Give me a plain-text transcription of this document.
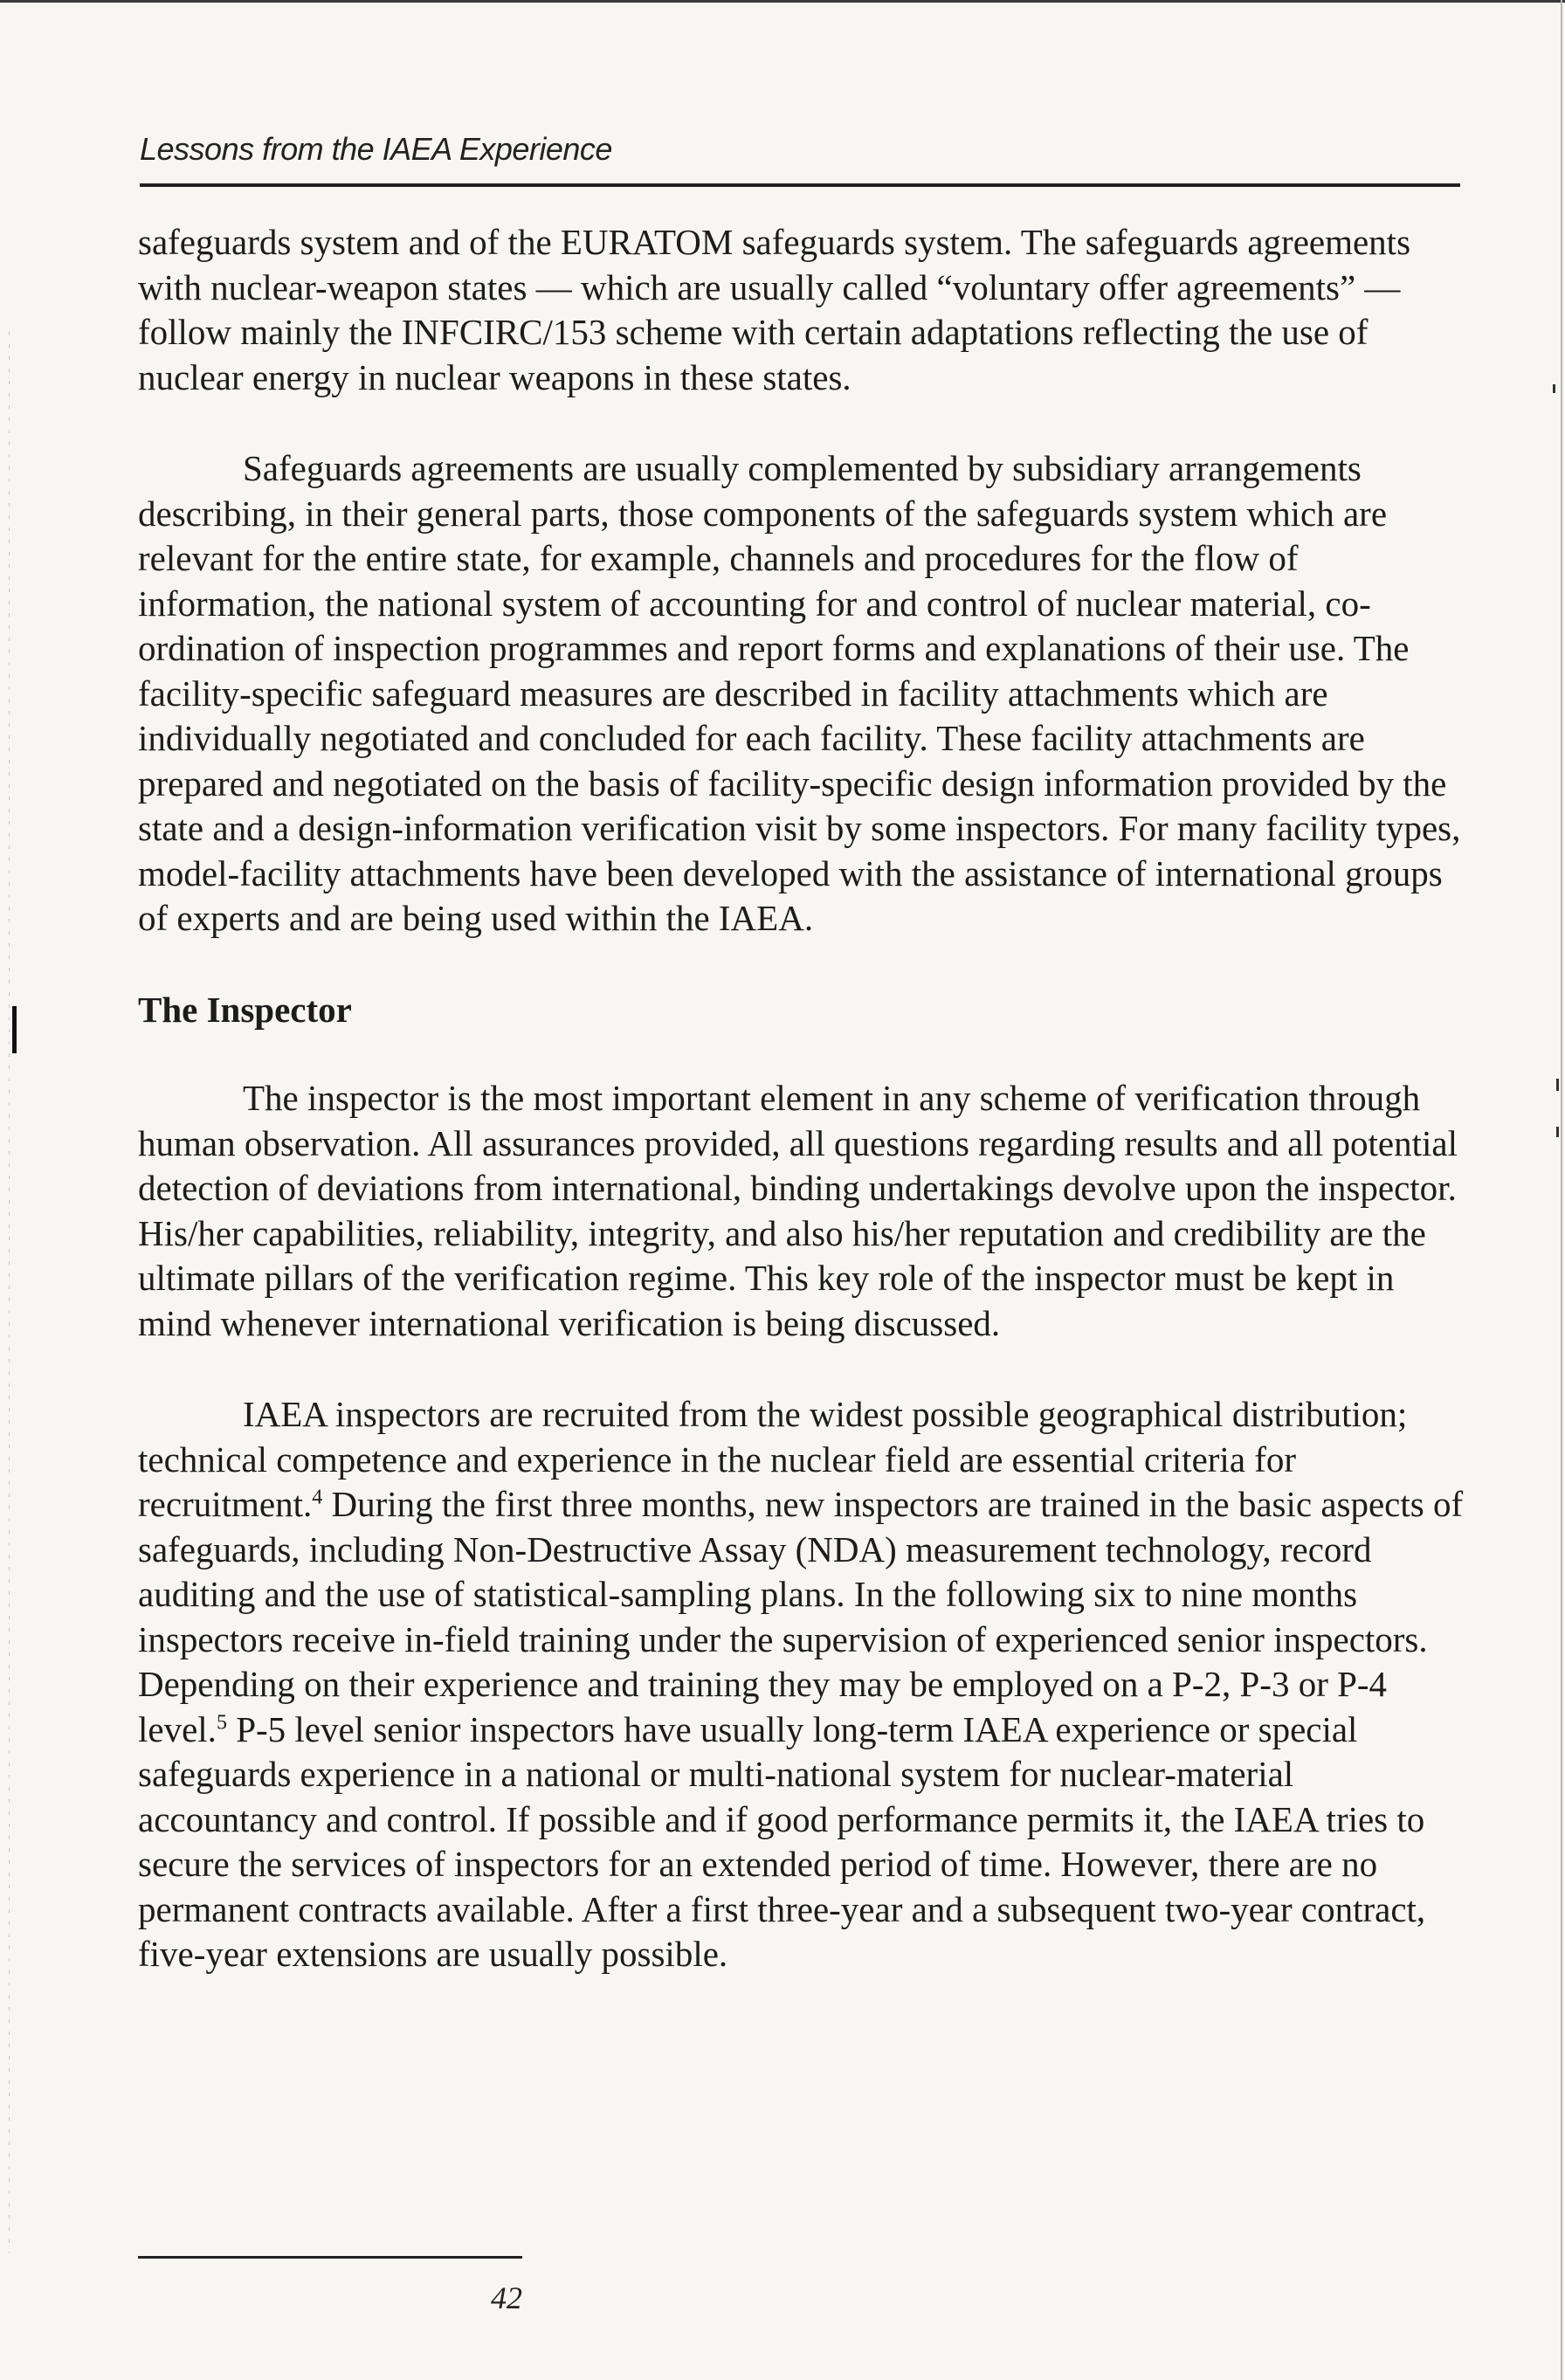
Lessons from the IAEA Experience

safeguards system and of the EURATOM safeguards system. The safeguards agreements with nuclear-weapon states — which are usually called “voluntary offer agreements” — follow mainly the INFCIRC/153 scheme with certain adaptations reflecting the use of nuclear energy in nuclear weapons in these states.

Safeguards agreements are usually complemented by subsidiary arrangements describing, in their general parts, those components of the safeguards system which are relevant for the entire state, for example, channels and procedures for the flow of information, the national system of accounting for and control of nuclear material, co-ordination of inspection programmes and report forms and explanations of their use. The facility-specific safeguard measures are described in facility attachments which are individually negotiated and concluded for each facility. These facility attachments are prepared and negotiated on the basis of facility-specific design information provided by the state and a design-information verification visit by some inspectors. For many facility types, model-facility attachments have been developed with the assistance of international groups of experts and are being used within the IAEA.

The Inspector

The inspector is the most important element in any scheme of verification through human observation. All assurances provided, all questions regarding results and all potential detection of deviations from international, binding undertakings devolve upon the inspector. His/her capabilities, reliability, integrity, and also his/her reputation and credibility are the ultimate pillars of the verification regime. This key role of the inspector must be kept in mind whenever international verification is being discussed.

IAEA inspectors are recruited from the widest possible geographical distribution; technical competence and experience in the nuclear field are essential criteria for recruitment.$^4$ During the first three months, new inspectors are trained in the basic aspects of safeguards, including Non-Destructive Assay (NDA) measurement technology, record auditing and the use of statistical-sampling plans. In the following six to nine months inspectors receive in-field training under the supervision of experienced senior inspectors. Depending on their experience and training they may be employed on a P-2, P-3 or P-4 level.$^5$ P-5 level senior inspectors have usually long-term IAEA experience or special safeguards experience in a national or multi-national system for nuclear-material accountancy and control. If possible and if good performance permits it, the IAEA tries to secure the services of inspectors for an extended period of time. However, there are no permanent contracts available. After a first three-year and a subsequent two-year contract, five-year extensions are usually possible.

42
